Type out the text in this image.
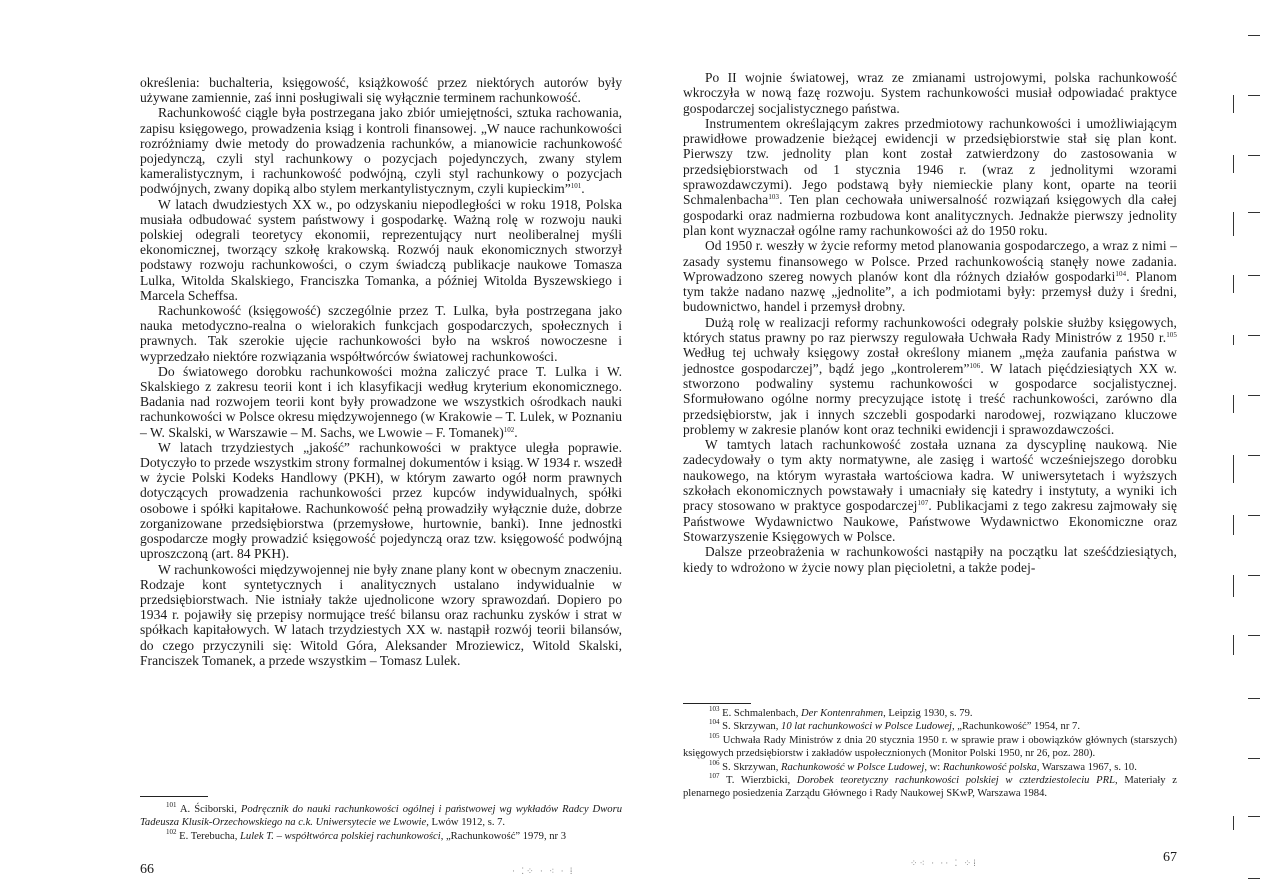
określenia: buchalteria, księgowość, książkowość przez niektórych autorów były używane zamiennie, zaś inni posługiwali się wyłącznie terminem rachunkowość.

Rachunkowość ciągle była postrzegana jako zbiór umiejętności, sztuka rachowania, zapisu księgowego, prowadzenia ksiąg i kontroli finansowej. „W nauce rachunkowości rozróżniamy dwie metody do prowadzenia rachunków, a mianowicie rachunkowość pojedynczą, czyli styl rachunkowy o pozycjach pojedynczych, zwany stylem kameralistycznym, i rachunkowość podwójną, czyli styl rachunkowy o pozycjach podwójnych, zwany dopiką albo stylem merkantylistycznym, czyli kupieckim”$^{101}$.

W latach dwudziestych XX w., po odzyskaniu niepodległości w roku 1918, Polska musiała odbudować system państwowy i gospodarkę. Ważną rolę w rozwoju nauki polskiej odegrali teoretycy ekonomii, reprezentujący nurt neoliberalnej myśli ekonomicznej, tworzący szkołę krakowską. Rozwój nauk ekonomicznych stworzył podstawy rozwoju rachunkowości, o czym świadczą publikacje naukowe Tomasza Lulka, Witolda Skalskiego, Franciszka Tomanka, a później Witolda Byszewskiego i Marcela Scheffsa.

Rachunkowość (księgowość) szczególnie przez T. Lulka, była postrzegana jako nauka metodyczno-realna o wielorakich funkcjach gospodarczych, społecznych i prawnych. Tak szerokie ujęcie rachunkowości było na wskroś nowoczesne i wyprzedzało niektóre rozwiązania współtwórców światowej rachunkowości.

Do światowego dorobku rachunkowości można zaliczyć prace T. Lulka i W. Skalskiego z zakresu teorii kont i ich klasyfikacji według kryterium ekonomicznego. Badania nad rozwojem teorii kont były prowadzone we wszystkich ośrodkach nauki rachunkowości w Polsce okresu międzywojennego (w Krakowie – T. Lulek, w Poznaniu – W. Skalski, w Warszawie – M. Sachs, we Lwowie – F. Tomanek)$^{102}$.

W latach trzydziestych „jakość” rachunkowości w praktyce uległa poprawie. Dotyczyło to przede wszystkim strony formalnej dokumentów i ksiąg. W 1934 r. wszedł w życie Polski Kodeks Handlowy (PKH), w którym zawarto ogół norm prawnych dotyczących prowadzenia rachunkowości przez kupców indywidualnych, spółki osobowe i spółki kapitałowe. Rachunkowość pełną prowadziły wyłącznie duże, dobrze zorganizowane przedsiębiorstwa (przemysłowe, hurtownie, banki). Inne jednostki gospodarcze mogły prowadzić księgowość pojedynczą oraz tzw. księgowość podwójną uproszczoną (art. 84 PKH).

W rachunkowości międzywojennej nie były znane plany kont w obecnym znaczeniu. Rodzaje kont syntetycznych i analitycznych ustalano indywidualnie w przedsiębiorstwach. Nie istniały także ujednolicone wzory sprawozdań. Dopiero po 1934 r. pojawiły się przepisy normujące treść bilansu oraz rachunku zysków i strat w spółkach kapitałowych. W latach trzydziestych XX w. nastąpił rozwój teorii bilansów, do czego przyczynili się: Witold Góra, Aleksander Mroziewicz, Witold Skalski, Franciszek Tomanek, a przede wszystkim – Tomasz Lulek.

$^{101}$ A. Ściborski, Podręcznik do nauki rachunkowości ogólnej i państwowej wg wykładów Radcy Dworu Tadeusza Klusik-Orzechowskiego na c.k. Uniwersytecie we Lwowie, Lwów 1912, s. 7.

$^{102}$ E. Terebucha, Lulek T. – współtwórca polskiej rachunkowości, „Rachunkowość” 1979, nr 3

66	· ⁚⁘ · ⁖ · ⁞

Po II wojnie światowej, wraz ze zmianami ustrojowymi, polska rachunkowość wkroczyła w nową fazę rozwoju. System rachunkowości musiał odpowiadać praktyce gospodarczej socjalistycznego państwa.

Instrumentem określającym zakres przedmiotowy rachunkowości i umożliwiającym prawidłowe prowadzenie bieżącej ewidencji w przedsiębiorstwie stał się plan kont. Pierwszy tzw. jednolity plan kont został zatwierdzony do zastosowania w przedsiębiorstwach od 1 stycznia 1946 r. (wraz z jednolitymi wzorami sprawozdawczymi). Jego podstawą były niemieckie plany kont, oparte na teorii Schmalenbacha$^{103}$. Ten plan cechowała uniwersalność rozwiązań księgowych dla całej gospodarki oraz nadmierna rozbudowa kont analitycznych. Jednakże pierwszy jednolity plan kont wyznaczał ogólne ramy rachunkowości aż do 1950 roku.

Od 1950 r. weszły w życie reformy metod planowania gospodarczego, a wraz z nimi – zasady systemu finansowego w Polsce. Przed rachunkowością stanęły nowe zadania. Wprowadzono szereg nowych planów kont dla różnych działów gospodarki$^{104}$. Planom tym także nadano nazwę „jednolite”, a ich podmiotami były: przemysł duży i średni, budownictwo, handel i przemysł drobny.

Dużą rolę w realizacji reformy rachunkowości odegrały polskie służby księgowych, których status prawny po raz pierwszy regulowała Uchwała Rady Ministrów z 1950 r.$^{105}$ Według tej uchwały księgowy został określony mianem „męża zaufania państwa w jednostce gospodarczej”, bądź jego „kontrolerem”$^{106}$. W latach pięćdziesiątych XX w. stworzono podwaliny systemu rachunkowości w gospodarce socjalistycznej. Sformułowano ogólne normy precyzujące istotę i treść rachunkowości, zarówno dla przedsiębiorstw, jak i innych szczebli gospodarki narodowej, rozwiązano kluczowe problemy w zakresie planów kont oraz techniki ewidencji i sprawozdawczości.

W tamtych latach rachunkowość została uznana za dyscyplinę naukową. Nie zadecydowały o tym akty normatywne, ale zasięg i wartość wcześniejszego dorobku naukowego, na którym wyrastała wartościowa kadra. W uniwersytetach i wyższych szkołach ekonomicznych powstawały i umacniały się katedry i instytuty, a wyniki ich pracy stosowano w praktyce gospodarczej$^{107}$. Publikacjami z tego zakresu zajmowały się Państwowe Wydawnictwo Naukowe, Państwowe Wydawnictwo Ekonomiczne oraz Stowarzyszenie Księgowych w Polsce.

Dalsze przeobrażenia w rachunkowości nastąpiły na początku lat sześćdziesiątych, kiedy to wdrożono w życie nowy plan pięcioletni, a także podej-

$^{103}$ E. Schmalenbach, Der Kontenrahmen, Leipzig 1930, s. 79.

$^{104}$ S. Skrzywan, 10 lat rachunkowości w Polsce Ludowej, „Rachunkowość” 1954, nr 7.

$^{105}$ Uchwała Rady Ministrów z dnia 20 stycznia 1950 r. w sprawie praw i obowiązków głównych (starszych) księgowych przedsiębiorstw i zakładów uspołecznionych (Monitor Polski 1950, nr 26, poz. 280).

$^{106}$ S. Skrzywan, Rachunkowość w Polsce Ludowej, w: Rachunkowość polska, Warszawa 1967, s. 10.

$^{107}$ T. Wierzbicki, Dorobek teoretyczny rachunkowości polskiej w czterdziestoleciu PRL, Materiały z plenarnego posiedzenia Zarządu Głównego i Rady Naukowej SKwP, Warszawa 1984.

67
⁘⁖ · ·· ⁚ ⁘⁞
